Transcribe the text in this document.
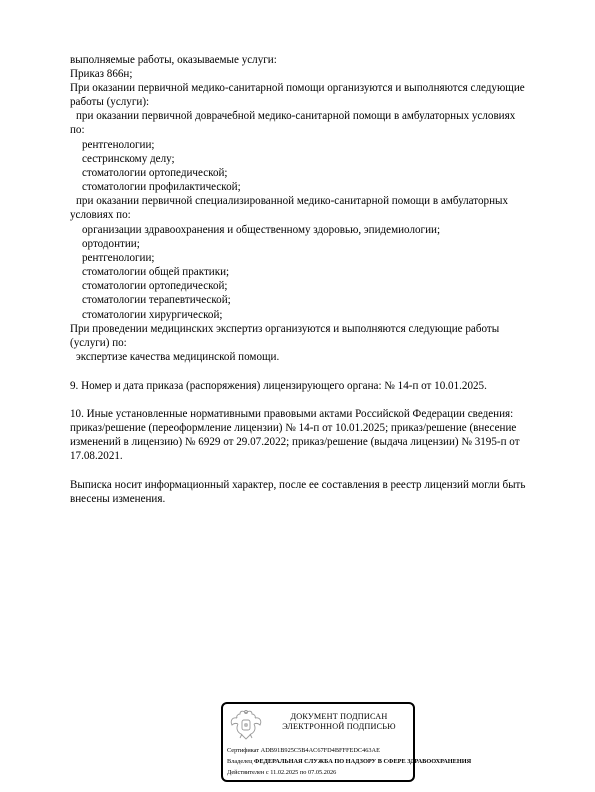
выполняемые работы, оказываемые услуги:
Приказ 866н;
При оказании первичной медико-санитарной помощи организуются и выполняются следующие
работы (услуги):
при оказании первичной доврачебной медико-санитарной помощи в амбулаторных условиях
по:
рентгенологии;
сестринскому делу;
стоматологии ортопедической;
стоматологии профилактической;
при оказании первичной специализированной медико-санитарной помощи в амбулаторных
условиях по:
организации здравоохранения и общественному здоровью, эпидемиологии;
ортодонтии;
рентгенологии;
стоматологии общей практики;
стоматологии ортопедической;
стоматологии терапевтической;
стоматологии хирургической;
При проведении медицинских экспертиз организуются и выполняются следующие работы
(услуги) по:
экспертизе качества медицинской помощи.
9. Номер и дата приказа (распоряжения) лицензирующего органа: № 14-п от 10.01.2025.
10. Иные установленные нормативными правовыми актами Российской Федерации сведения:
приказ/решение (переоформление лицензии) № 14-п от 10.01.2025; приказ/решение (внесение
изменений в лицензию) № 6929 от 29.07.2022; приказ/решение (выдача лицензии) № 3195-п от
17.08.2021.
Выписка носит информационный характер, после ее составления в реестр лицензий могли быть
внесены изменения.
ДОКУМЕНТ ПОДПИСАН
ЭЛЕКТРОННОЙ ПОДПИСЬЮ
Сертификат ADB91B925C5B4AC67FD4BFFFEDC463AE
Владелец ФЕДЕРАЛЬНАЯ СЛУЖБА ПО НАДЗОРУ В СФЕРЕ ЗДРАВООХРАНЕНИЯ
Действителен с 11.02.2025 по 07.05.2026
